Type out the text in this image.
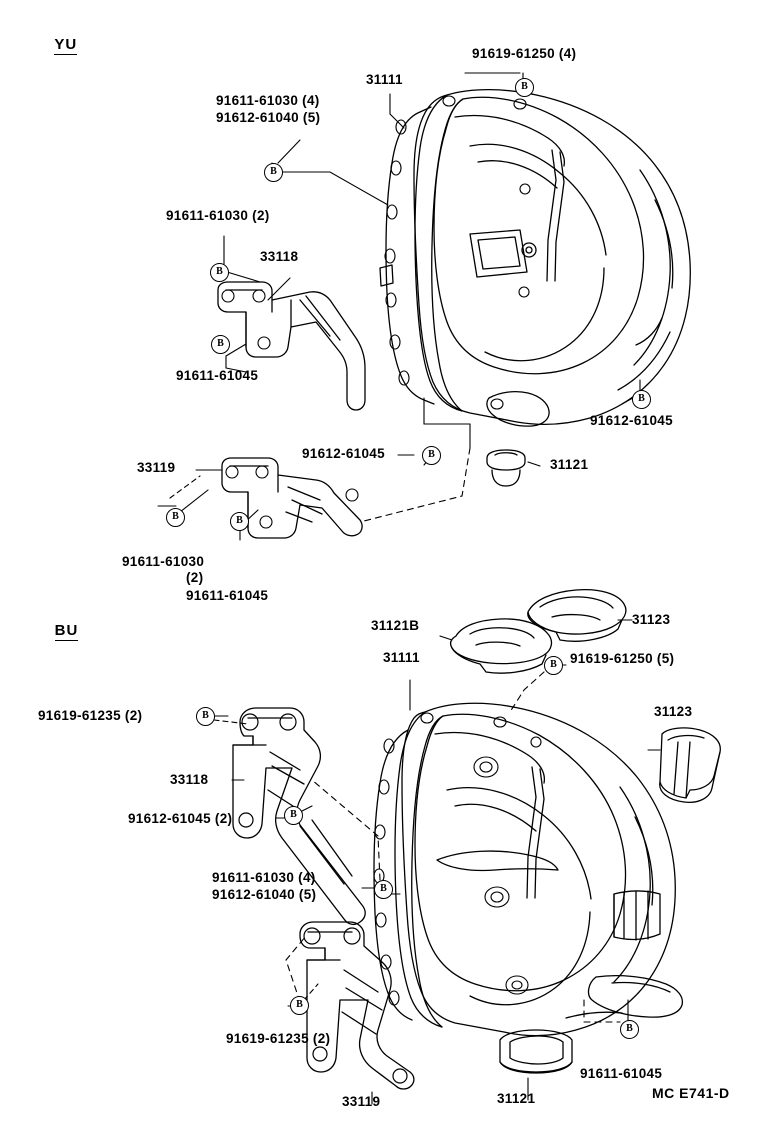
YU

BU

91619-61250 (4)
31111
91611-61030 (4)
91612-61040 (5)
91611-61030 (2)
33118
91611-61045
91612-61045
33119
91612-61045
31121
91611-61030
(2)
91611-61045
31121B	31123
31123
31111	91619-61250 (5)
91619-61235 (2)
33118
91612-61045 (2)
91611-61030 (4)
91612-61040 (5)
91619-61235 (2)
33119	31121
91611-61045
B
B
B
B
B
B
B	B
B
B
B
B
B
B
MC E741-D
